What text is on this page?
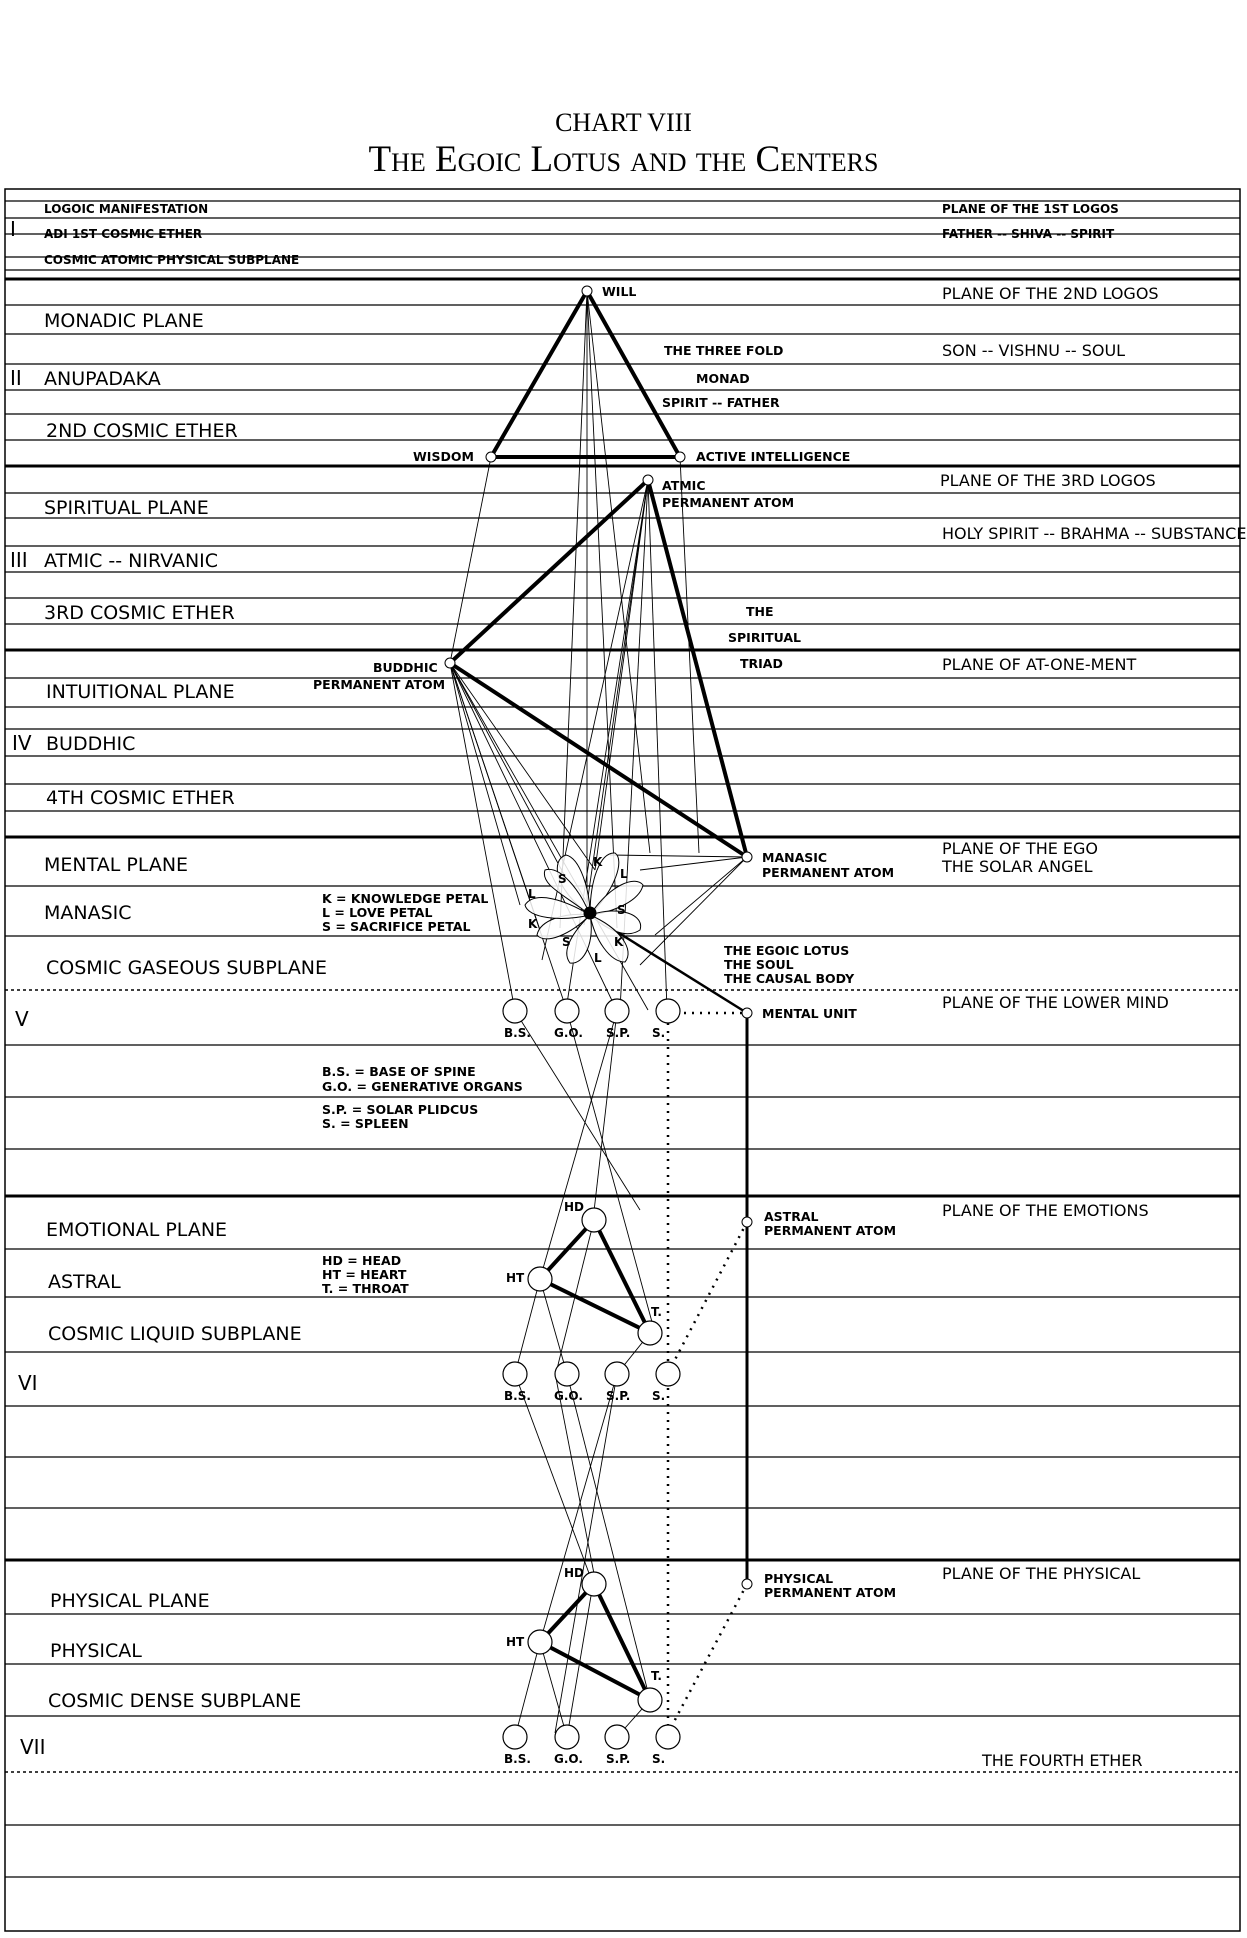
CHART VIII
The Egoic Lotus and the Centers
I
II
III
IV
V
VI
VII
LOGOIC MANIFESTATION
ADI 1ST COSMIC ETHER
COSMIC ATOMIC PHYSICAL SUBPLANE
MONADIC PLANE
ANUPADAKA
2ND COSMIC ETHER
SPIRITUAL PLANE
ATMIC -- NIRVANIC
3RD COSMIC ETHER
INTUITIONAL PLANE
BUDDHIC
4TH COSMIC ETHER
MENTAL PLANE
MANASIC
COSMIC GASEOUS SUBPLANE
EMOTIONAL PLANE
ASTRAL
COSMIC LIQUID SUBPLANE
PHYSICAL PLANE
PHYSICAL
COSMIC DENSE SUBPLANE
PLANE OF THE 1ST LOGOS
FATHER -- SHIVA -- SPIRIT
PLANE OF THE 2ND LOGOS
SON -- VISHNU -- SOUL
PLANE OF THE 3RD LOGOS
HOLY SPIRIT -- BRAHMA -- SUBSTANCE
PLANE OF AT-ONE-MENT
PLANE OF THE EGO
THE SOLAR ANGEL
PLANE OF THE LOWER MIND
PLANE OF THE EMOTIONS
PLANE OF THE PHYSICAL
THE FOURTH ETHER
WILL
THE THREE FOLD
MONAD
SPIRIT -- FATHER
WISDOM	ACTIVE INTELLIGENCE
ATMIC
PERMANENT ATOM
THE
SPIRITUAL
TRIAD
BUDDHIC
PERMANENT ATOM
MANASIC
PERMANENT ATOM
K = KNOWLEDGE PETAL
L = LOVE PETAL
S = SACRIFICE PETAL
THE EGOIC LOTUS
THE SOUL
THE CAUSAL BODY
MENTAL UNIT
B.S. = BASE OF SPINE
G.O. = GENERATIVE ORGANS
S.P. = SOLAR PLIDCUS
S. = SPLEEN
HD = HEAD
HT = HEART
T. = THROAT
ASTRAL
PERMANENT ATOM
PHYSICAL
PERMANENT ATOM
B.S. G.O. S.P. S.
HD
HT
T.
B.S. G.O. S.P. S.
HD
HT
T.
B.S. G.O. S.P. S.
S
K
L
L
S
K
S	K
L
